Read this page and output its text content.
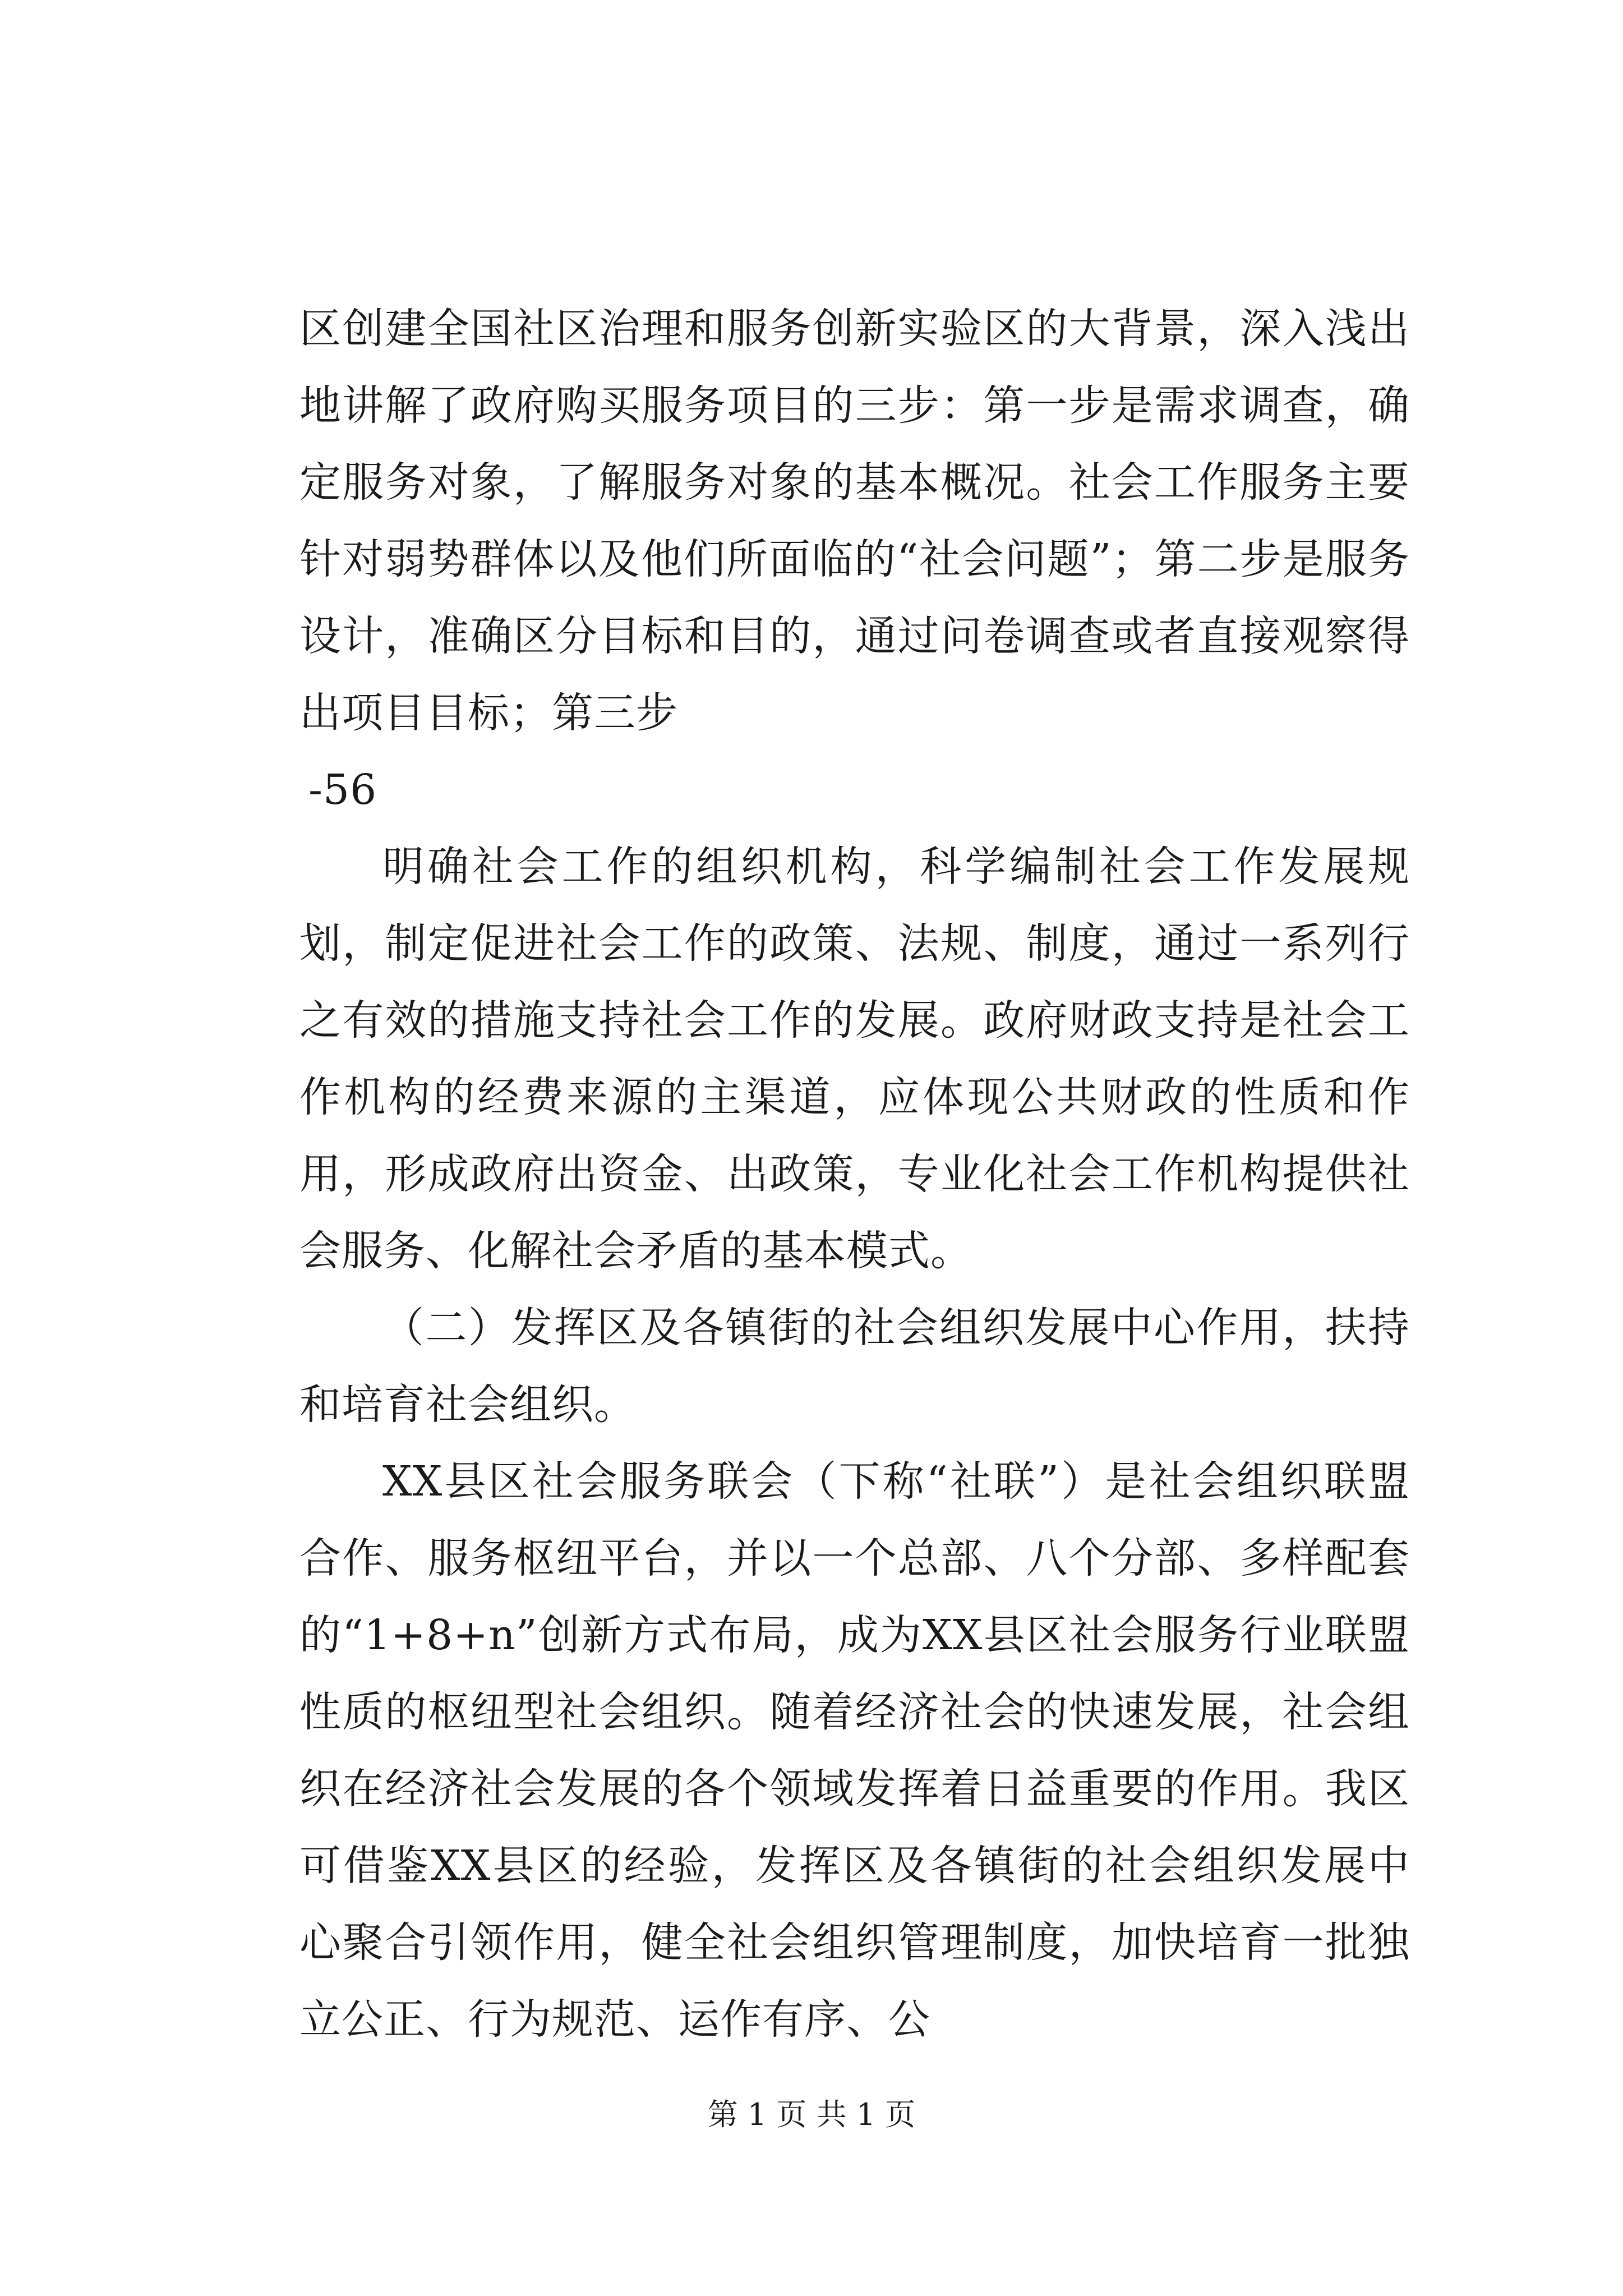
区创建全国社区治理和服务创新实验区的大背景，深入浅出地讲解了政府购买服务项目的三步：第一步是需求调查，确定服务对象，了解服务对象的基本概况。社会工作服务主要针对弱势群体以及他们所面临的“社会问题”；第二步是服务设计，准确区分目标和目的，通过问卷调查或者直接观察得出项目目标；第三步

-56

明确社会工作的组织机构，科学编制社会工作发展规划，制定促进社会工作的政策、法规、制度，通过一系列行之有效的措施支持社会工作的发展。政府财政支持是社会工作机构的经费来源的主渠道，应体现公共财政的性质和作用，形成政府出资金、出政策，专业化社会工作机构提供社会服务、化解社会矛盾的基本模式。

（二）发挥区及各镇街的社会组织发展中心作用，扶持和培育社会组织。

XX县区社会服务联会（下称“社联”）是社会组织联盟合作、服务枢纽平台，并以一个总部、八个分部、多样配套的“1+8+n”创新方式布局，成为XX县区社会服务行业联盟性质的枢纽型社会组织。随着经济社会的快速发展，社会组织在经济社会发展的各个领域发挥着日益重要的作用。我区可借鉴XX县区的经验，发挥区及各镇街的社会组织发展中心聚合引领作用，健全社会组织管理制度，加快培育一批独立公正、行为规范、运作有序、公

第 1 页 共 1 页
